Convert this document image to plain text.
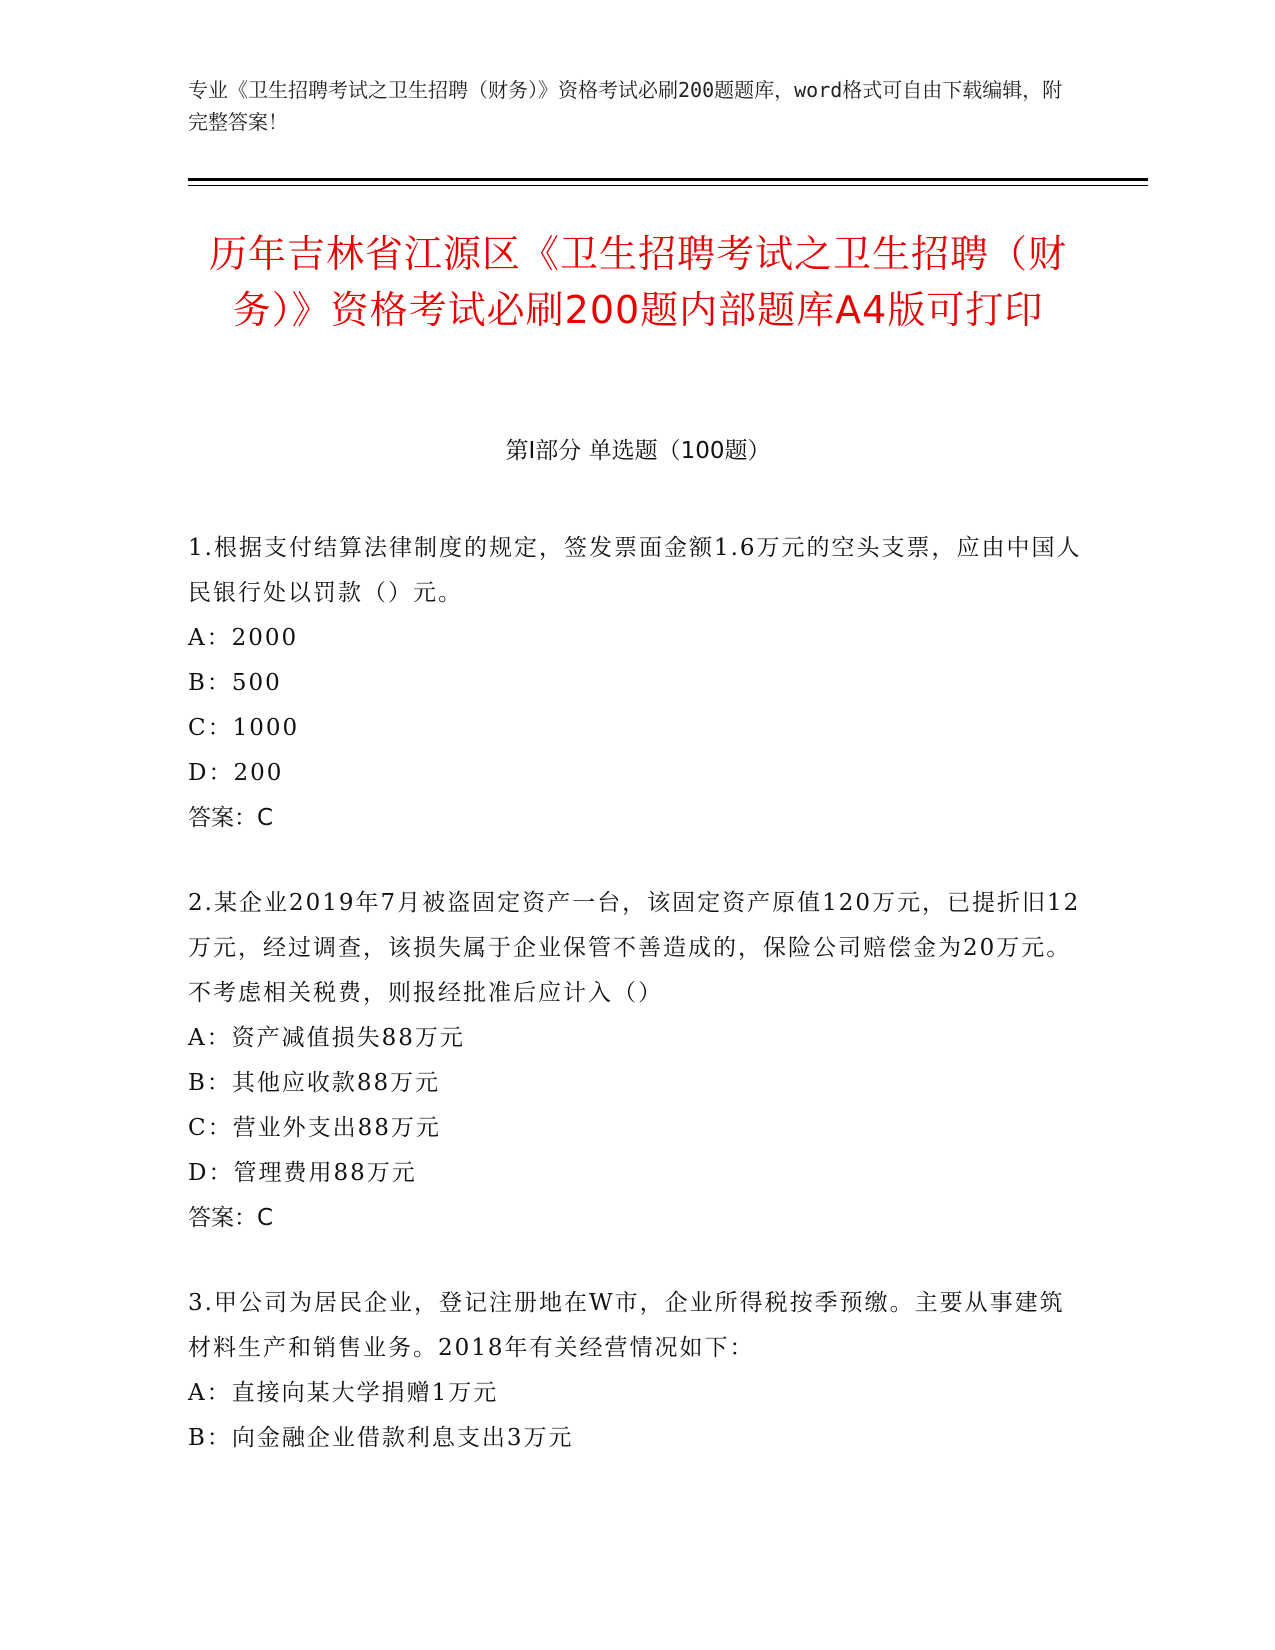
专业《卫生招聘考试之卫生招聘（财务）》资格考试必刷200题题库，word格式可自由下载编辑，附完整答案！
历年吉林省江源区《卫生招聘考试之卫生招聘（财务）》资格考试必刷200题内部题库A4版可打印
第Ⅰ部分 单选题（100题）
1.根据支付结算法律制度的规定，签发票面金额1.6万元的空头支票，应由中国人民银行处以罚款（）元。
A：2000
B：500
C：1000
D：200
答案：C
2.某企业2019年7月被盗固定资产一台，该固定资产原值120万元，已提折旧12万元，经过调查，该损失属于企业保管不善造成的，保险公司赔偿金为20万元。不考虑相关税费，则报经批准后应计入（）
A：资产减值损失88万元
B：其他应收款88万元
C：营业外支出88万元
D：管理费用88万元
答案：C
3.甲公司为居民企业，登记注册地在W市，企业所得税按季预缴。主要从事建筑材料生产和销售业务。2018年有关经营情况如下：
A：直接向某大学捐赠1万元
B：向金融企业借款利息支出3万元
